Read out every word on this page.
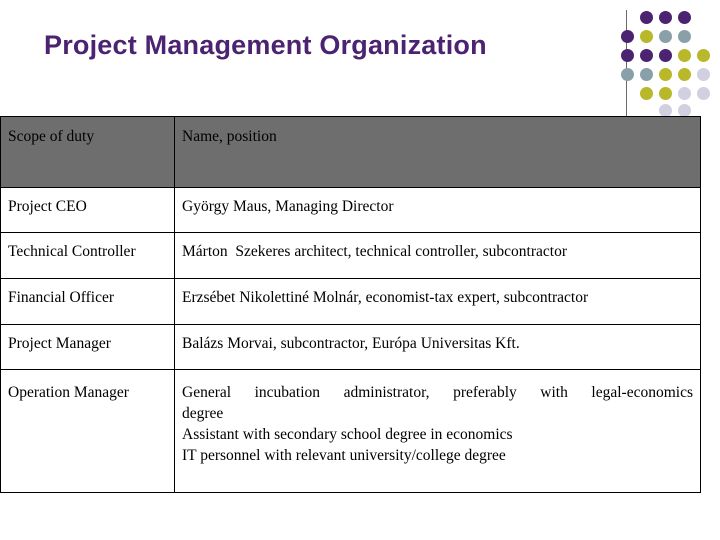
Project Management Organization
Scope of duty	Name, position
Project CEO	György Maus, Managing Director
Technical Controller	Márton  Szekeres architect, technical controller, subcontractor
Financial Officer	Erzsébet Nikolettiné Molnár, economist-tax expert, subcontractor
Project Manager	Balázs Morvai, subcontractor, Európa Universitas Kft.
Operation Manager	General  incubation  administrator,  preferably  with  legal-economics
degree
Assistant with secondary school degree in economics
IT personnel with relevant university/college degree
